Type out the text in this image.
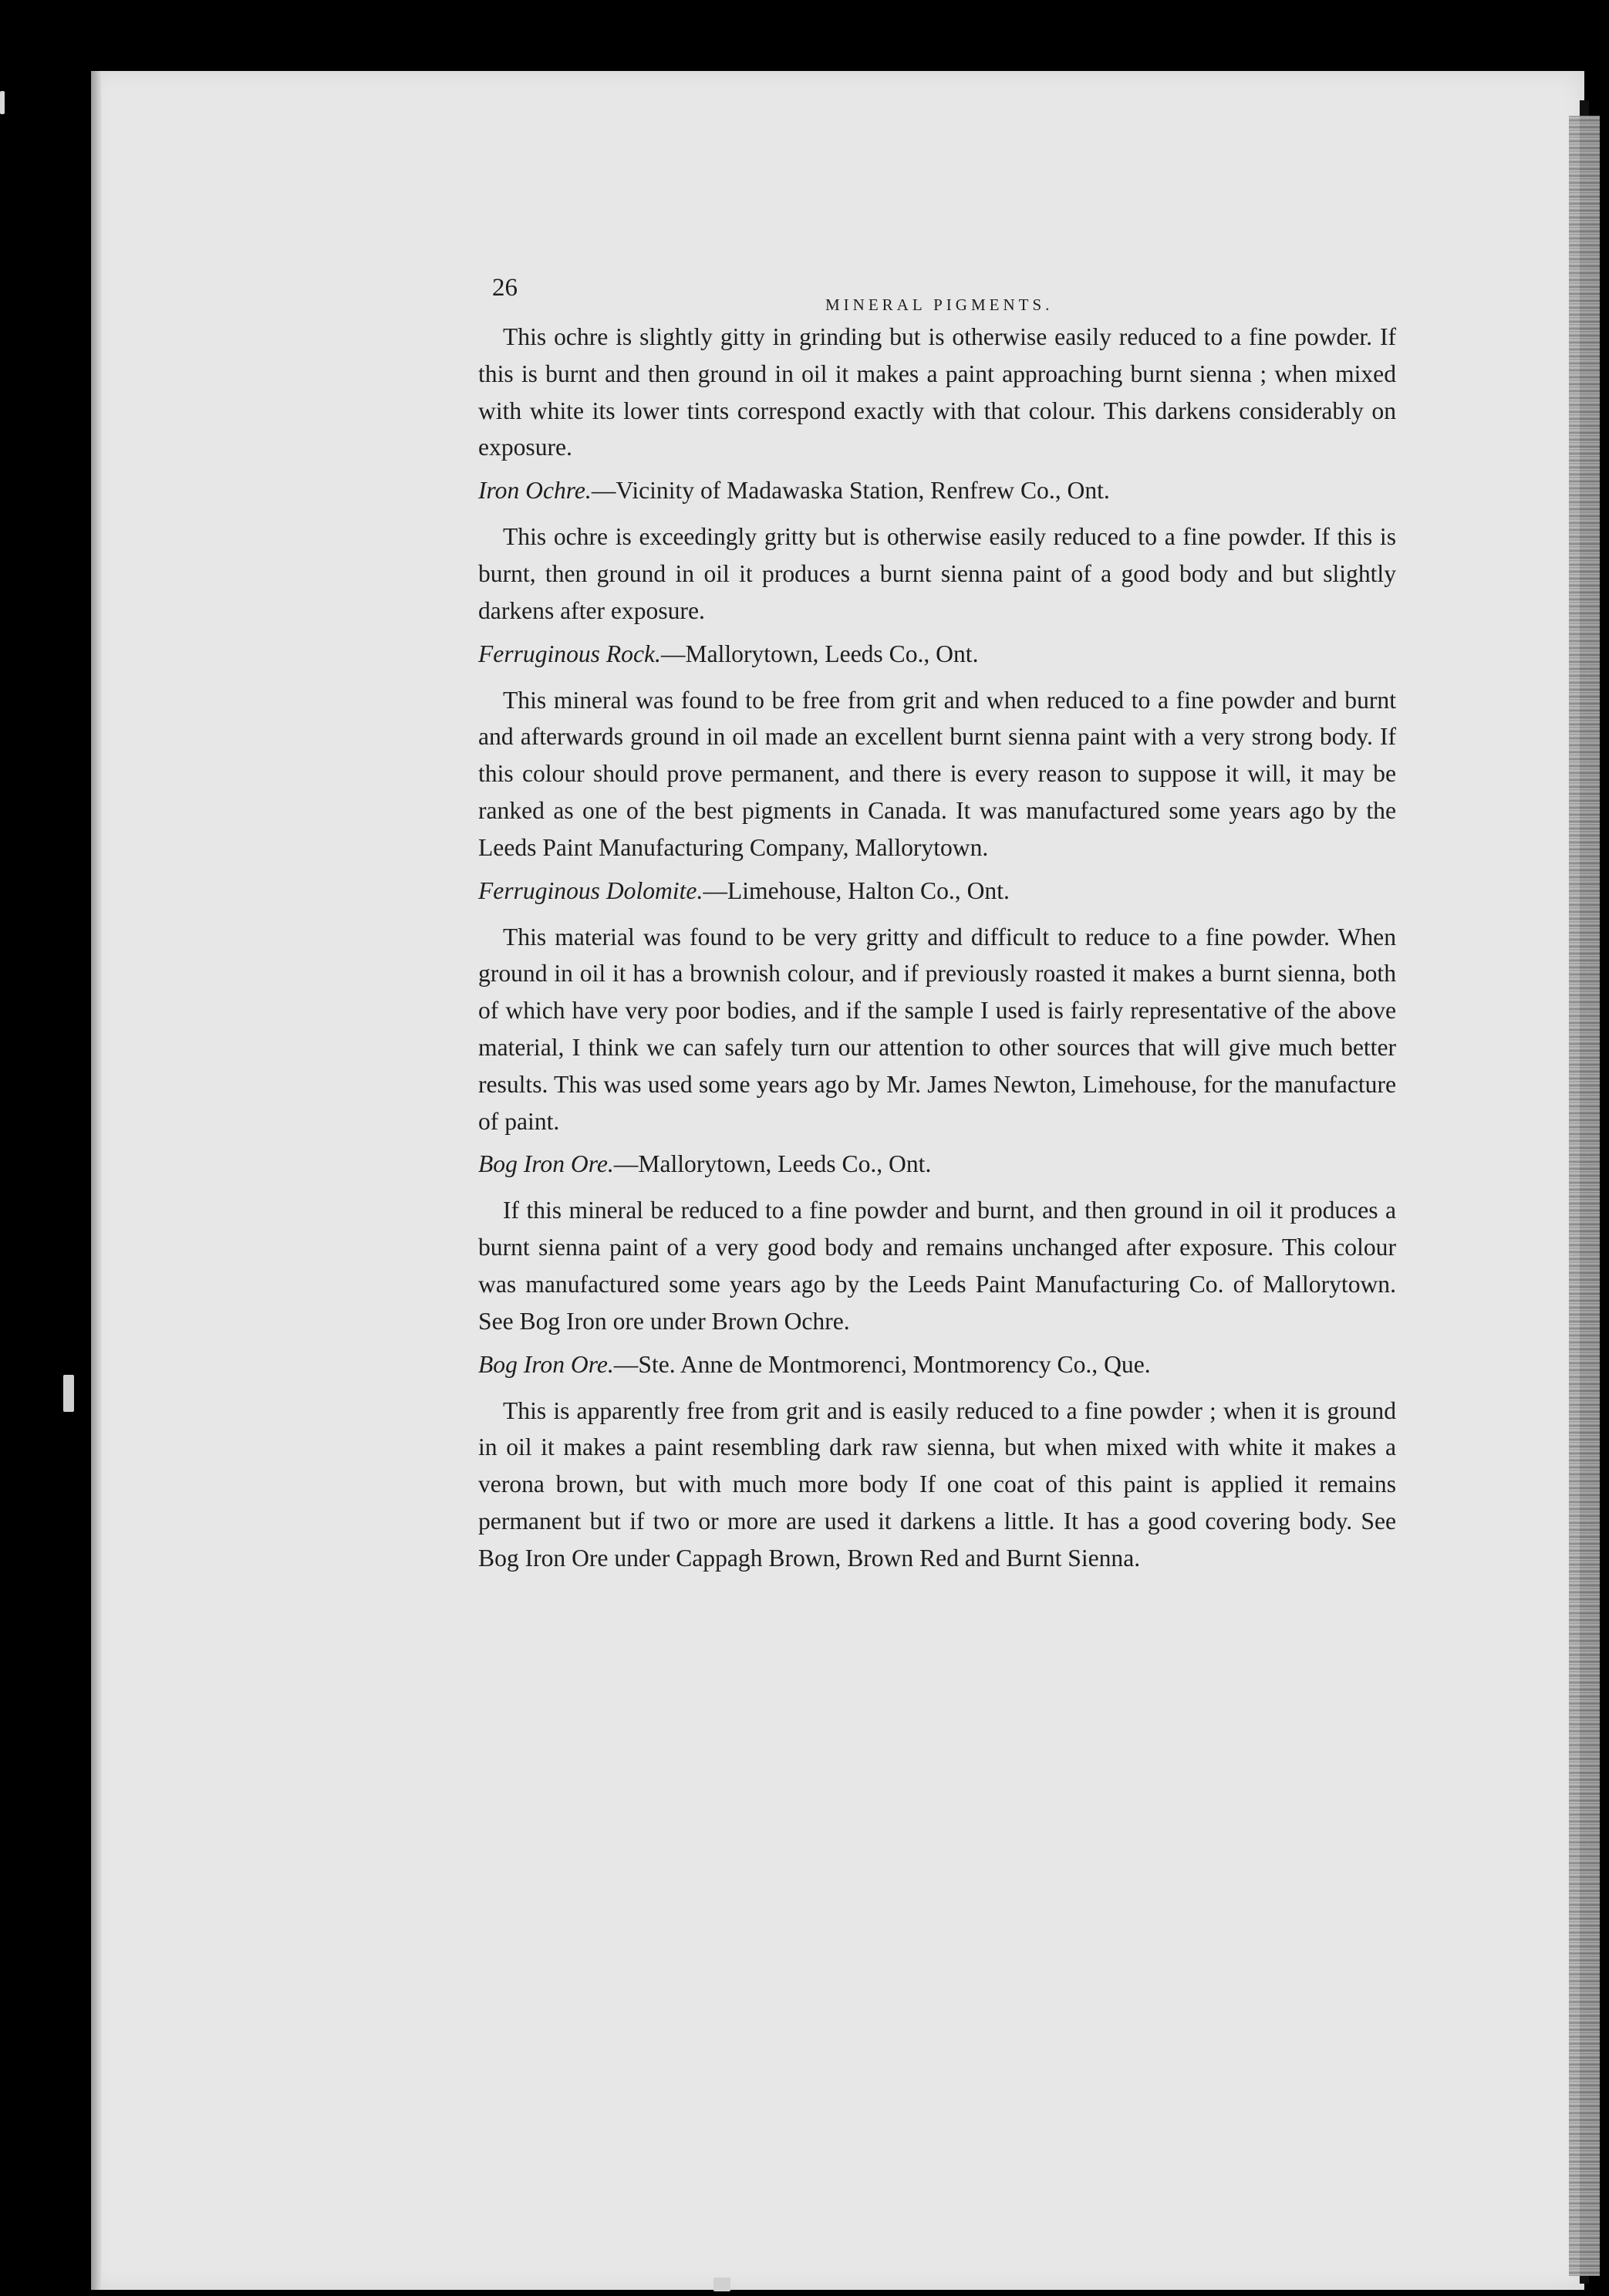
26
MINERAL PIGMENTS.

This ochre is slightly gitty in grinding but is otherwise easily reduced to a fine powder. If this is burnt and then ground in oil it makes a paint approaching burnt sienna ; when mixed with white its lower tints correspond exactly with that colour. This darkens considerably on exposure.

Iron Ochre.—Vicinity of Madawaska Station, Renfrew Co., Ont.

This ochre is exceedingly gritty but is otherwise easily reduced to a fine powder. If this is burnt, then ground in oil it produces a burnt sienna paint of a good body and but slightly darkens after exposure.

Ferruginous Rock.—Mallorytown, Leeds Co., Ont.

This mineral was found to be free from grit and when reduced to a fine powder and burnt and afterwards ground in oil made an excellent burnt sienna paint with a very strong body. If this colour should prove permanent, and there is every reason to suppose it will, it may be ranked as one of the best pigments in Canada. It was manufactured some years ago by the Leeds Paint Manufacturing Company, Mallorytown.

Ferruginous Dolomite.—Limehouse, Halton Co., Ont.

This material was found to be very gritty and difficult to reduce to a fine powder. When ground in oil it has a brownish colour, and if previously roasted it makes a burnt sienna, both of which have very poor bodies, and if the sample I used is fairly representative of the above material, I think we can safely turn our attention to other sources that will give much better results. This was used some years ago by Mr. James Newton, Limehouse, for the manufacture of paint.

Bog Iron Ore.—Mallorytown, Leeds Co., Ont.

If this mineral be reduced to a fine powder and burnt, and then ground in oil it produces a burnt sienna paint of a very good body and remains unchanged after exposure. This colour was manufactured some years ago by the Leeds Paint Manufacturing Co. of Mallorytown. See Bog Iron ore under Brown Ochre.

Bog Iron Ore.—Ste. Anne de Montmorenci, Montmorency Co., Que.

This is apparently free from grit and is easily reduced to a fine powder ; when it is ground in oil it makes a paint resembling dark raw sienna, but when mixed with white it makes a verona brown, but with much more body If one coat of this paint is applied it remains permanent but if two or more are used it darkens a little. It has a good covering body. See Bog Iron Ore under Cappagh Brown, Brown Red and Burnt Sienna.
